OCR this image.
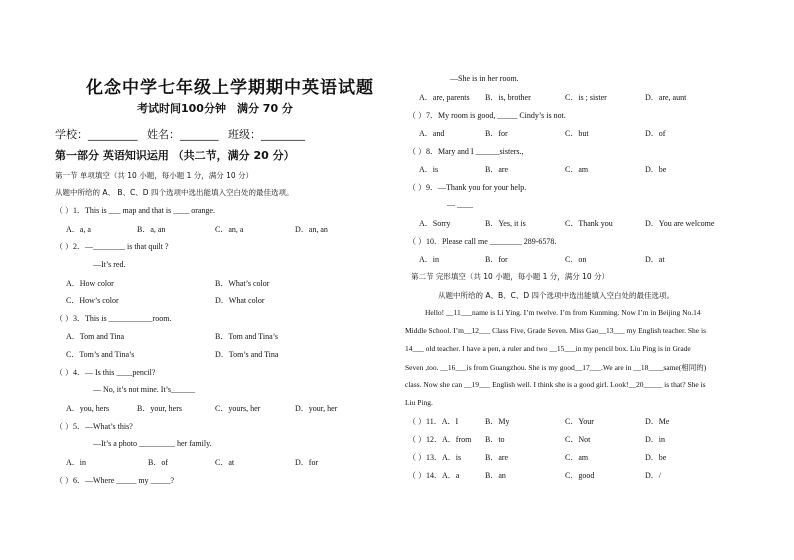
化念中学七年级上学期期中英语试题
考试时间100分钟　满分 70 分
学校：_________ 姓名：_______ 班级：________
第一部分 英语知识运用 （共二节，满分 20 分）
第一节 单项填空（共 10 小题，每小题 1 分，满分 10 分）
从题中所给的 A、 B、C、D 四个选项中选出能填入空白处的最佳选项。
（ ）1．This is ___ map and that is ____ orange.
A．a, a	B．a, an	C．an, a	D．an, an
（ ）2．—________ is that quilt ?
—It’s red.
A．How color	B．What’s color
C．How’s color	D．What color
（ ）3．This is ___________room.
A．Tom and Tina	B．Tom and Tina’s
C．Tom’s and Tina’s	D．Tom’s and Tina
（ ）4．— Is this ____pencil?
— No, it’s not mine. It’s______
A．you, hers	B．your, hers	C．yours, her	D．your, her
（ ）5．—What’s this?
—It’s a photo _________ her family.
A．in	B．of	C．at	D．for
（ ）6．—Where _____ my _____?
—She is in her room.
A．are, parents B．is, brother	C．is ; sister	D．are, aunt
（ ）7．My room is good, _____ Cindy’s is not.
A．and	B．for	C．but	D．of
（ ）8．Mary and I ______sisters.,
A．is	B．are	C．am	D．be
（ ）9．—Thank you for your help.
— ____
A．Sorry	B．Yes, it is	C．Thank you	D．You are welcome
（ ）10．Please call me ________ 289-6578.
A．in	B．for	C．on	D．at
第二节 完形填空（共 10 小题，每小题 1 分，满分 10 分）
从题中所给的 A、B、C、D 四个选项中选出能填入空白处的最佳选项。
Hello! __11___name is Li Ying. I’m twelve. I’m from Kunming. Now I’m in Beijing No.14
Middle School. I’m__12___ Class Five, Grade Seven. Miss Gao__13___ my English teacher. She is
14___ old teacher. I have a pen, a ruler and two __15___in my pencil box. Liu Ping is in Grade
Seven ,too. __16___is from Guangzhou. She is my good__17___.We are in __18____same(相同的)
class. Now she can __19___ English well. I think she is a good girl. Look!__20_____ is that? She is
Liu Ping.
（ ）11．A．I	B．My	C．Your	D．Me
（ ）12．A．from B．to	C．Not	D．in
（ ）13．A．is	B．are	C．am	D．be
（ ）14．A．a	B．an	C．good	D．/
